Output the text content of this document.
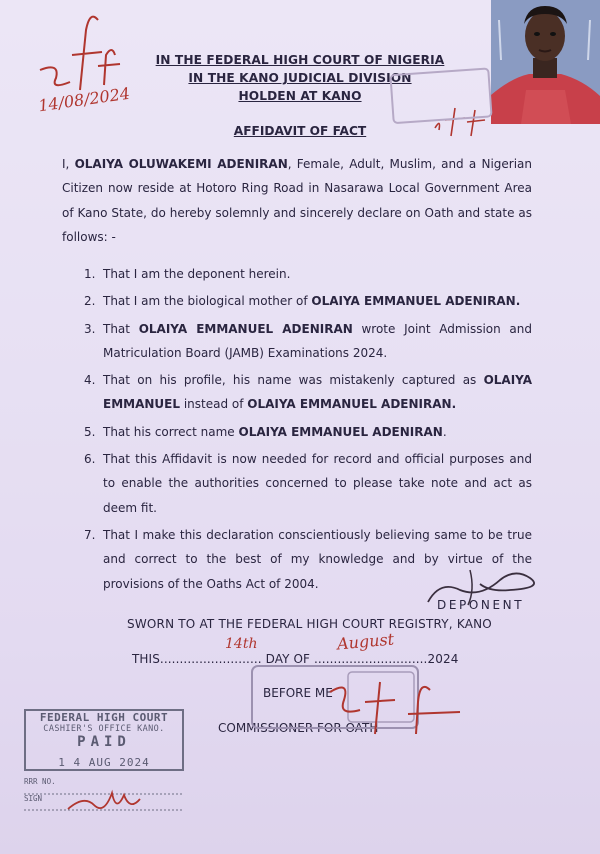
IN THE FEDERAL HIGH COURT OF NIGERIA
IN THE KANO JUDICIAL DIVISION
HOLDEN AT KANO
AFFIDAVIT OF FACT
I, OLAIYA OLUWAKEMI ADENIRAN, Female, Adult, Muslim, and a Nigerian Citizen now reside at Hotoro Ring Road in Nasarawa Local Government Area of Kano State, do hereby solemnly and sincerely declare on Oath and state as follows: -
1. That I am the deponent herein.
2. That I am the biological mother of OLAIYA EMMANUEL ADENIRAN.
3. That OLAIYA EMMANUEL ADENIRAN wrote Joint Admission and Matriculation Board (JAMB) Examinations 2024.
4. That on his profile, his name was mistakenly captured as OLAIYA EMMANUEL instead of OLAIYA EMMANUEL ADENIRAN.
5. That his correct name OLAIYA EMMANUEL ADENIRAN.
6. That this Affidavit is now needed for record and official purposes and to enable the authorities concerned to please take note and act as deem fit.
7. That I make this declaration conscientiously believing same to be true and correct to the best of my knowledge and by virtue of the provisions of the Oaths Act of 2004.
DEPONENT
SWORN TO AT THE FEDERAL HIGH COURT REGISTRY, KANO
THIS.......................... DAY OF .............................2024
BEFORE ME
COMMISSIONER FOR OATH
14/08/2024
14th	August
FEDERAL HIGH COURT
CASHIER'S OFFICE KANO.
PAID
1 4 AUG 2024
RRR NO.
SIGN
